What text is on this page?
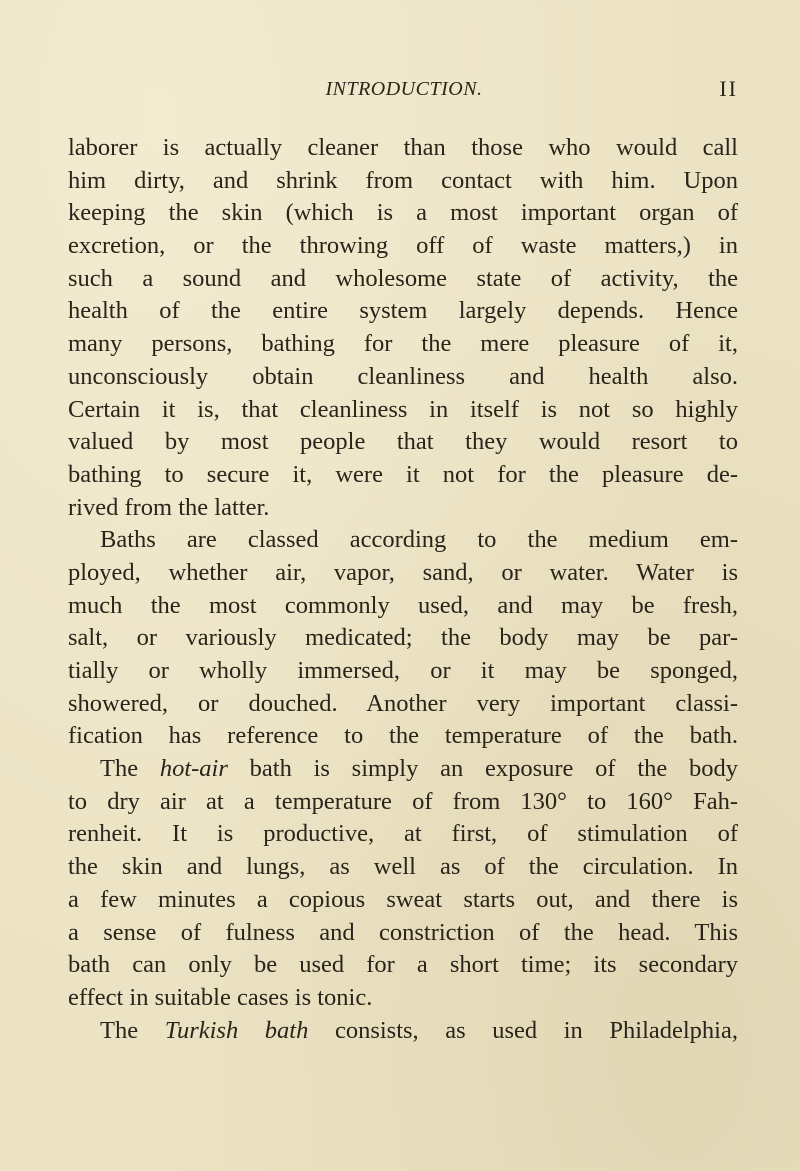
INTRODUCTION.	II
laborer is actually cleaner than those who would call
him dirty, and shrink from contact with him. Upon
keeping the skin (which is a most important organ of
excretion, or the throwing off of waste matters,) in
such a sound and wholesome state of activity, the
health of the entire system largely depends. Hence
many persons, bathing for the mere pleasure of it,
unconsciously obtain cleanliness and health also.
Certain it is, that cleanliness in itself is not so highly
valued by most people that they would resort to
bathing to secure it, were it not for the pleasure de-
rived from the latter.
Baths are classed according to the medium em-
ployed, whether air, vapor, sand, or water. Water is
much the most commonly used, and may be fresh,
salt, or variously medicated; the body may be par-
tially or wholly immersed, or it may be sponged,
showered, or douched. Another very important classi-
fication has reference to the temperature of the bath.
The hot-air bath is simply an exposure of the body
to dry air at a temperature of from 130° to 160° Fah-
renheit. It is productive, at first, of stimulation of
the skin and lungs, as well as of the circulation. In
a few minutes a copious sweat starts out, and there is
a sense of fulness and constriction of the head. This
bath can only be used for a short time; its secondary
effect in suitable cases is tonic.
The Turkish bath consists, as used in Philadelphia,
